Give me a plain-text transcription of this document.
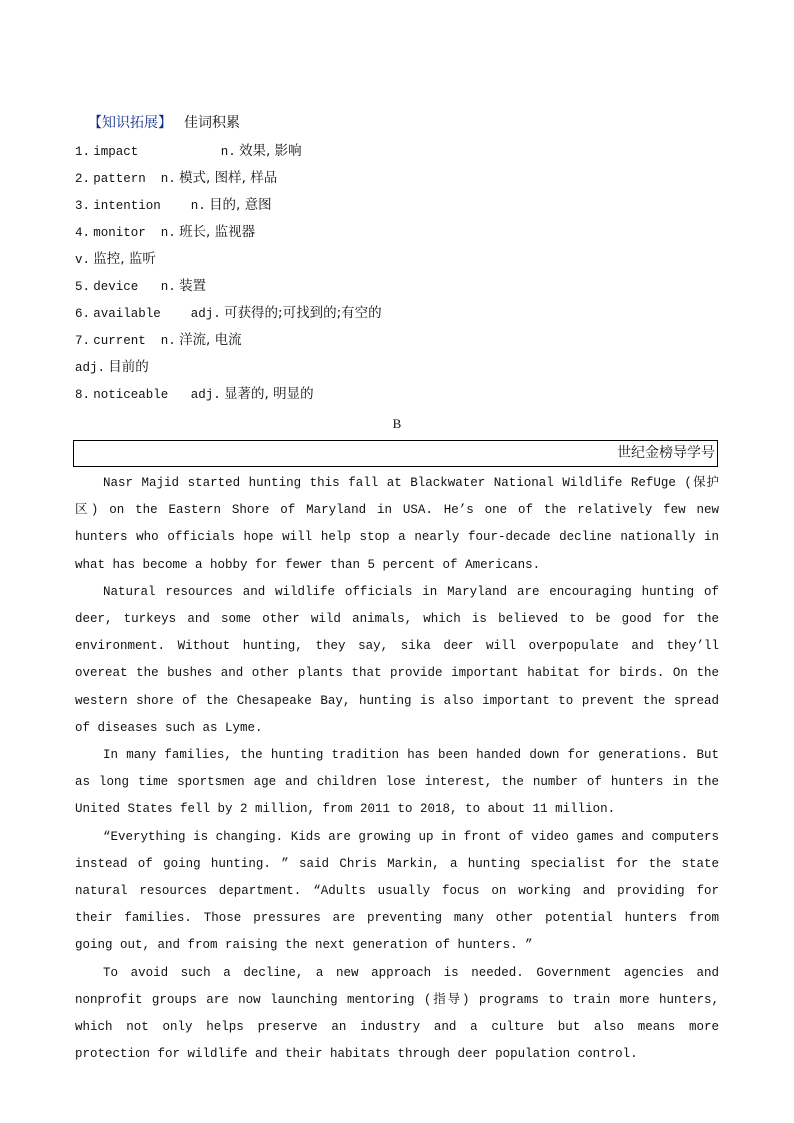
【知识拓展】 佳词积累
1. impact	n. 效果, 影响
2. pattern n. 模式, 图样, 样品
3. intention n. 目的, 意图
4. monitor n. 班长, 监视器
v. 监控, 监听
5. device n. 装置
6. available adj. 可获得的;可找到的;有空的
7. current n. 洋流, 电流
adj. 目前的
8. noticeable adj. 显著的, 明显的
B
世纪金榜导学号

Nasr Majid started hunting this fall at Blackwater National Wildlife RefUge (保护区) on the Eastern Shore of Maryland in USA. He’s one of the relatively few new hunters who officials hope will help stop a nearly four-decade decline nationally in what has become a hobby for fewer than 5 percent of Americans.

Natural resources and wildlife officials in Maryland are encouraging hunting of deer, turkeys and some other wild animals, which is believed to be good for the environment. Without hunting, they say, sika deer will overpopulate and they’ll overeat the bushes and other plants that provide important habitat for birds. On the western shore of the Chesapeake Bay, hunting is also important to prevent the spread of diseases such as Lyme.

In many families, the hunting tradition has been handed down for generations. But as long time sportsmen age and children lose interest, the number of hunters in the United States fell by 2 million, from 2011 to 2018, to about 11 million.

“Everything is changing. Kids are growing up in front of video games and computers instead of going hunting. ” said Chris Markin, a hunting specialist for the state natural resources department. “Adults usually focus on working and providing for their families. Those pressures are preventing many other potential hunters from going out, and from raising the next generation of hunters. ”

To avoid such a decline, a new approach is needed. Government agencies and nonprofit groups are now launching mentoring (指导) programs to train more hunters, which not only helps preserve an industry and a culture but also means more protection for wildlife and their habitats through deer population control.
